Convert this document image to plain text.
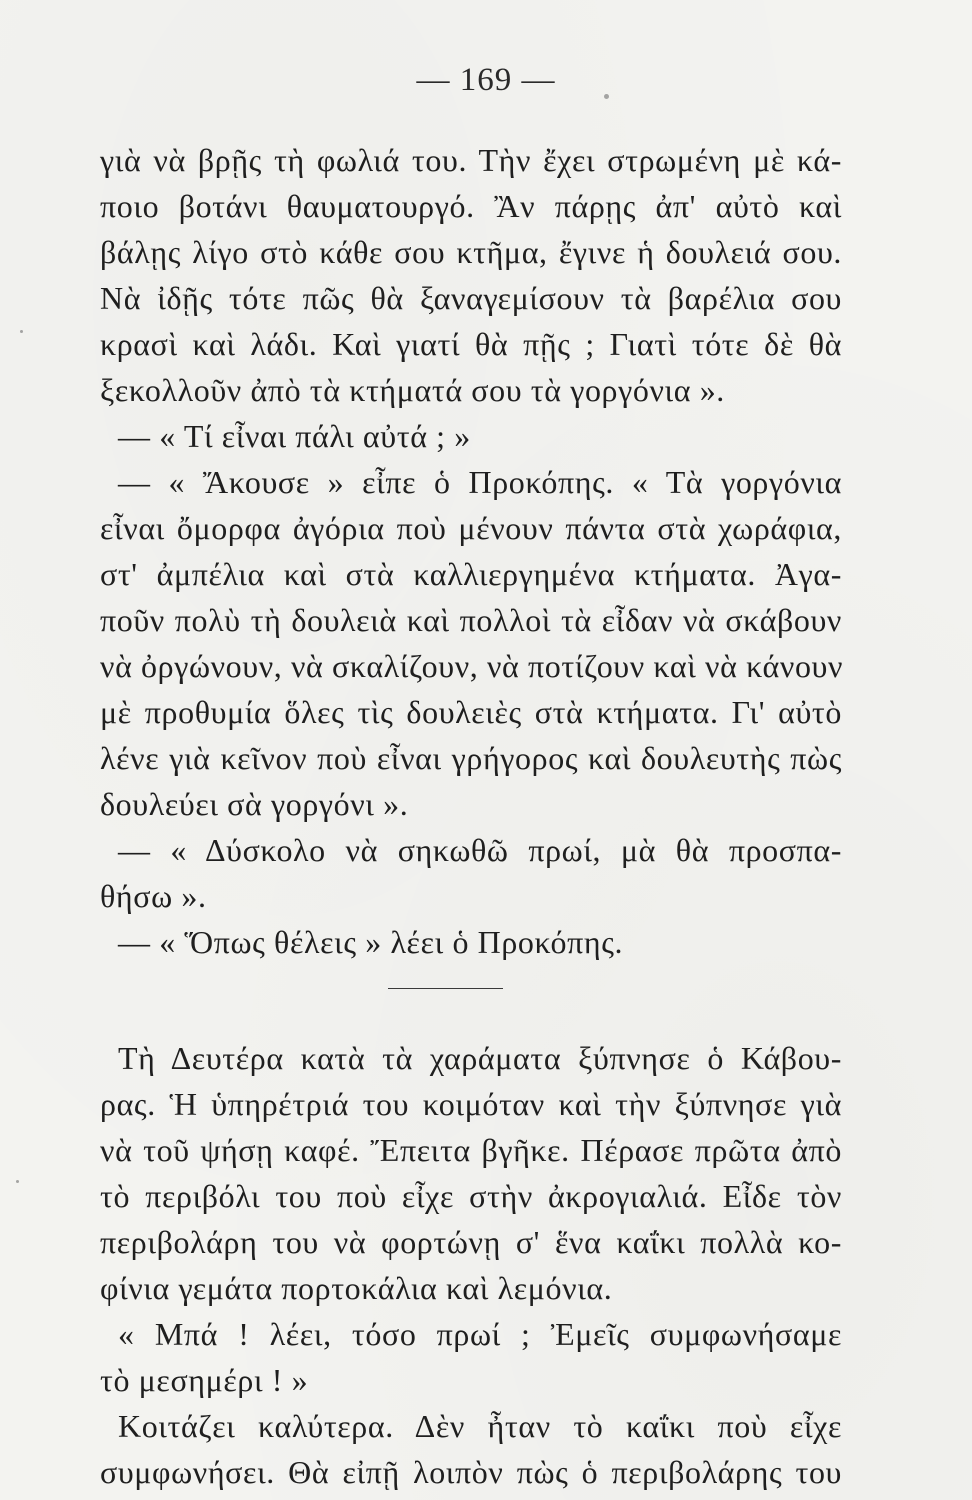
— 169 —
γιὰ νὰ βρῇς τὴ φωλιά του. Τὴν ἔχει στρωμένη μὲ κά-
ποιο βοτάνι θαυματουργό. Ἂν πάρῃς ἀπ' αὐτὸ καὶ
βάλῃς λίγο στὸ κάθε σου κτῆμα, ἔγινε ἡ δουλειά σου.
Νὰ ἰδῇς τότε πῶς θὰ ξαναγεμίσουν τὰ βαρέλια σου
κρασὶ καὶ λάδι. Καὶ γιατί θὰ πῇς ; Γιατὶ τότε δὲ θὰ
ξεκολλοῦν ἀπὸ τὰ κτήματά σου τὰ γοργόνια ».
— « Τί εἶναι πάλι αὐτά ; »
— « Ἄκουσε » εἶπε ὁ Προκόπης. « Τὰ γοργόνια
εἶναι ὄμορφα ἀγόρια ποὺ μένουν πάντα στὰ χωράφια,
στ' ἀμπέλια καὶ στὰ καλλιεργημένα κτήματα. Ἀγα-
ποῦν πολὺ τὴ δουλειὰ καὶ πολλοὶ τὰ εἶδαν νὰ σκάβουν
νὰ ὀργώνουν, νὰ σκαλίζουν, νὰ ποτίζουν καὶ νὰ κάνουν
μὲ προθυμία ὅλες τὶς δουλειὲς στὰ κτήματα. Γι' αὐτὸ
λένε γιὰ κεῖνον ποὺ εἶναι γρήγορος καὶ δουλευτὴς πὼς
δουλεύει σὰ γοργόνι ».
— « Δύσκολο νὰ σηκωθῶ πρωί, μὰ θὰ προσπα-
θήσω ».
— « Ὅπως θέλεις » λέει ὁ Προκόπης.
Τὴ Δευτέρα κατὰ τὰ χαράματα ξύπνησε ὁ Κάβου-
ρας. Ἡ ὑπηρέτριά του κοιμόταν καὶ τὴν ξύπνησε γιὰ
νὰ τοῦ ψήσῃ καφέ. Ἔπειτα βγῆκε. Πέρασε πρῶτα ἀπὸ
τὸ περιβόλι του ποὺ εἶχε στὴν ἀκρογιαλιά. Εἶδε τὸν
περιβολάρη του νὰ φορτώνῃ σ' ἕνα καΐκι πολλὰ κο-
φίνια γεμάτα πορτοκάλια καὶ λεμόνια.
« Μπά ! λέει, τόσο πρωί ; Ἐμεῖς συμφωνήσαμε
τὸ μεσημέρι ! »
Κοιτάζει καλύτερα. Δὲν ἦταν τὸ καΐκι ποὺ εἶχε
συμφωνήσει. Θὰ εἰπῇ λοιπὸν πὼς ὁ περιβολάρης του
